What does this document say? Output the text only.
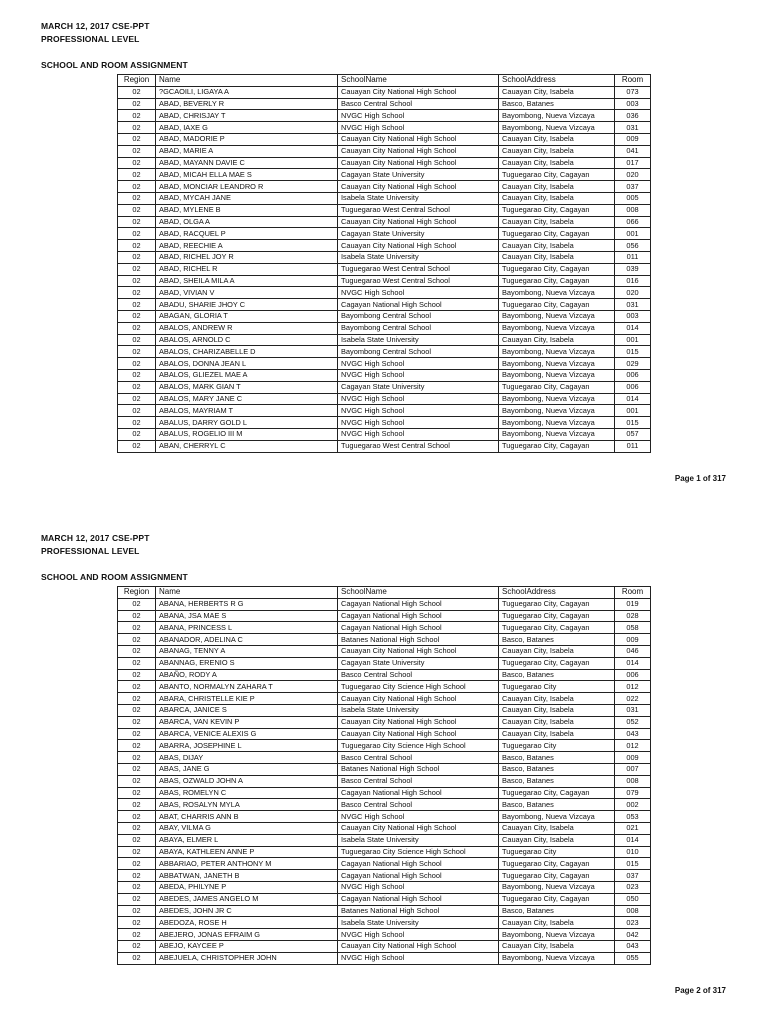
MARCH 12, 2017 CSE-PPT
PROFESSIONAL LEVEL
SCHOOL AND ROOM ASSIGNMENT
Region	Name	SchoolName	SchoolAddress	Room
02	?GCAOILI, LIGAYA A	Cauayan City National High School	Cauayan City, Isabela	073
02	ABAD, BEVERLY R	Basco Central School	Basco, Batanes	003
02	ABAD, CHRISJAY T	NVGC High School	Bayombong, Nueva Vizcaya	036
02	ABAD, IAXE G	NVGC High School	Bayombong, Nueva Vizcaya	031
02	ABAD, MADORIE P	Cauayan City National High School	Cauayan City, Isabela	009
02	ABAD, MARIE A	Cauayan City National High School	Cauayan City, Isabela	041
02	ABAD, MAYANN DAVIE C	Cauayan City National High School	Cauayan City, Isabela	017
02	ABAD, MICAH ELLA MAE S	Cagayan State University	Tuguegarao City, Cagayan	020
02	ABAD, MONCIAR LEANDRO R	Cauayan City National High School	Cauayan City, Isabela	037
02	ABAD, MYCAH JANE	Isabela State University	Cauayan City, Isabela	005
02	ABAD, MYLENE B	Tuguegarao West Central School	Tuguegarao City, Cagayan	008
02	ABAD, OLGA A	Cauayan City National High School	Cauayan City, Isabela	066
02	ABAD, RACQUEL P	Cagayan State University	Tuguegarao City, Cagayan	001
02	ABAD, REECHIE A	Cauayan City National High School	Cauayan City, Isabela	056
02	ABAD, RICHEL JOY R	Isabela State University	Cauayan City, Isabela	011
02	ABAD, RICHEL R	Tuguegarao West Central School	Tuguegarao City, Cagayan	039
02	ABAD, SHEILA MILA A	Tuguegarao West Central School	Tuguegarao City, Cagayan	016
02	ABAD, VIVIAN V	NVGC High School	Bayombong, Nueva Vizcaya	020
02	ABADU, SHARIE JHOY C	Cagayan National High School	Tuguegarao City, Cagayan	031
02	ABAGAN, GLORIA T	Bayombong Central School	Bayombong, Nueva Vizcaya	003
02	ABALOS, ANDREW R	Bayombong Central School	Bayombong, Nueva Vizcaya	014
02	ABALOS, ARNOLD C	Isabela State University	Cauayan City, Isabela	001
02	ABALOS, CHARIZABELLE D	Bayombong Central School	Bayombong, Nueva Vizcaya	015
02	ABALOS, DONNA JEAN L	NVGC High School	Bayombong, Nueva Vizcaya	029
02	ABALOS, GLIEZEL MAE A	NVGC High School	Bayombong, Nueva Vizcaya	006
02	ABALOS, MARK GIAN T	Cagayan State University	Tuguegarao City, Cagayan	006
02	ABALOS, MARY JANE C	NVGC High School	Bayombong, Nueva Vizcaya	014
02	ABALOS, MAYRIAM T	NVGC High School	Bayombong, Nueva Vizcaya	001
02	ABALUS, DARRY GOLD L	NVGC High School	Bayombong, Nueva Vizcaya	015
02	ABALUS, ROGELIO III M	NVGC High School	Bayombong, Nueva Vizcaya	057
02	ABAN, CHERRYL C	Tuguegarao West Central School	Tuguegarao City, Cagayan	011
Page 1 of 317
MARCH 12, 2017 CSE-PPT
PROFESSIONAL LEVEL
SCHOOL AND ROOM ASSIGNMENT
Region	Name	SchoolName	SchoolAddress	Room
02	ABANA, HERBERTS R G	Cagayan National High School	Tuguegarao City, Cagayan	019
02	ABANA, JSA MAE S	Cagayan National High School	Tuguegarao City, Cagayan	028
02	ABANA, PRINCESS L	Cagayan National High School	Tuguegarao City, Cagayan	058
02	ABANADOR, ADELINA C	Batanes National High School	Basco, Batanes	009
02	ABANAG, TENNY A	Cauayan City National High School	Cauayan City, Isabela	046
02	ABANNAG, ERENIO S	Cagayan State University	Tuguegarao City, Cagayan	014
02	ABAÑO, RODY A	Basco Central School	Basco, Batanes	006
02	ABANTO, NORMALYN ZAHARA T	Tuguegarao City Science High School	Tuguegarao City	012
02	ABARA, CHRISTELLE KIE P	Cauayan City National High School	Cauayan City, Isabela	022
02	ABARCA, JANICE S	Isabela State University	Cauayan City, Isabela	031
02	ABARCA, VAN KEVIN P	Cauayan City National High School	Cauayan City, Isabela	052
02	ABARCA, VENICE ALEXIS G	Cauayan City National High School	Cauayan City, Isabela	043
02	ABARRA, JOSEPHINE L	Tuguegarao City Science High School	Tuguegarao City	012
02	ABAS, DIJAY	Basco Central School	Basco, Batanes	009
02	ABAS, JANE G	Batanes National High School	Basco, Batanes	007
02	ABAS, OZWALD JOHN A	Basco Central School	Basco, Batanes	008
02	ABAS, ROMELYN C	Cagayan National High School	Tuguegarao City, Cagayan	079
02	ABAS, ROSALYN MYLA	Basco Central School	Basco, Batanes	002
02	ABAT, CHARRIS ANN B	NVGC High School	Bayombong, Nueva Vizcaya	053
02	ABAY, VILMA G	Cauayan City National High School	Cauayan City, Isabela	021
02	ABAYA, ELMER L	Isabela State University	Cauayan City, Isabela	014
02	ABAYA, KATHLEEN ANNE P	Tuguegarao City Science High School	Tuguegarao City	010
02	ABBARIAO, PETER ANTHONY M	Cagayan National High School	Tuguegarao City, Cagayan	015
02	ABBATWAN, JANETH B	Cagayan National High School	Tuguegarao City, Cagayan	037
02	ABEDA, PHILYNE P	NVGC High School	Bayombong, Nueva Vizcaya	023
02	ABEDES, JAMES ANGELO M	Cagayan National High School	Tuguegarao City, Cagayan	050
02	ABEDES, JOHN JR C	Batanes National High School	Basco, Batanes	008
02	ABEDOZA, ROSE H	Isabela State University	Cauayan City, Isabela	023
02	ABEJERO, JONAS EFRAIM G	NVGC High School	Bayombong, Nueva Vizcaya	042
02	ABEJO, KAYCEE P	Cauayan City National High School	Cauayan City, Isabela	043
02	ABEJUELA, CHRISTOPHER JOHN	NVGC High School	Bayombong, Nueva Vizcaya	055
Page 2 of 317
